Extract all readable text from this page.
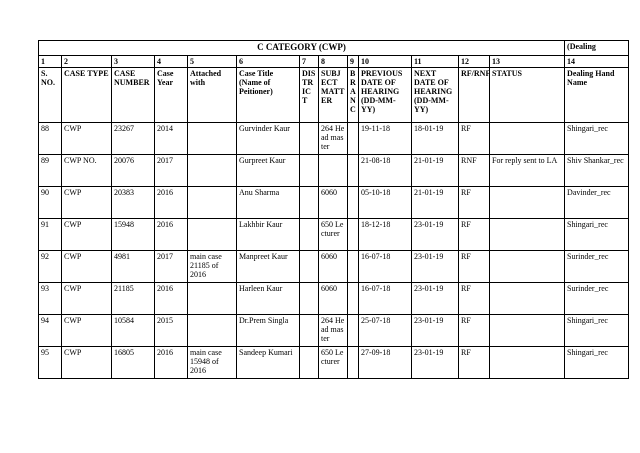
C CATEGORY (CWP)													(Dealing

1	2	3	4	5	6	7	8	9	10	11	12	13	14

S. NO.	CASE TYPE	CASE NUMBER	Case Year	Attached with	Case Title (Name of Peitioner)	DISTRICT	SUBJECT MATTER	BRANC	PREVIOUS DATE OF HEARING (DD-MM-YY)	NEXT DATE OF HEARING (DD-MM-YY)	RF/RNF	STATUS	Dealing Hand Name

88	CWP	23267	2014		Gurvinder Kaur		264 Head master		19-11-18	18-01-19	RF		Shingari_rec

89	CWP NO.	20076	2017		Gurpreet Kaur				21-08-18	21-01-19	RNF	For reply sent to LA	Shiv Shankar_rec

90	CWP	20383	2016		Anu Sharma		6060		05-10-18	21-01-19	RF		Davinder_rec

91	CWP	15948	2016		Lakhbir Kaur		650 Lecturer		18-12-18	23-01-19	RF		Shingari_rec

92	CWP	4981	2017	main case 21185 of 2016	Manpreet Kaur		6060		16-07-18	23-01-19	RF		Surinder_rec

93	CWP	21185	2016		Harleen Kaur		6060		16-07-18	23-01-19	RF		Surinder_rec

94	CWP	10584	2015		Dr.Prem Singla		264 Head master		25-07-18	23-01-19	RF		Shingari_rec

95	CWP	16805	2016	main case 15948 of 2016	Sandeep Kumari		650 Lecturer		27-09-18	23-01-19	RF		Shingari_rec
